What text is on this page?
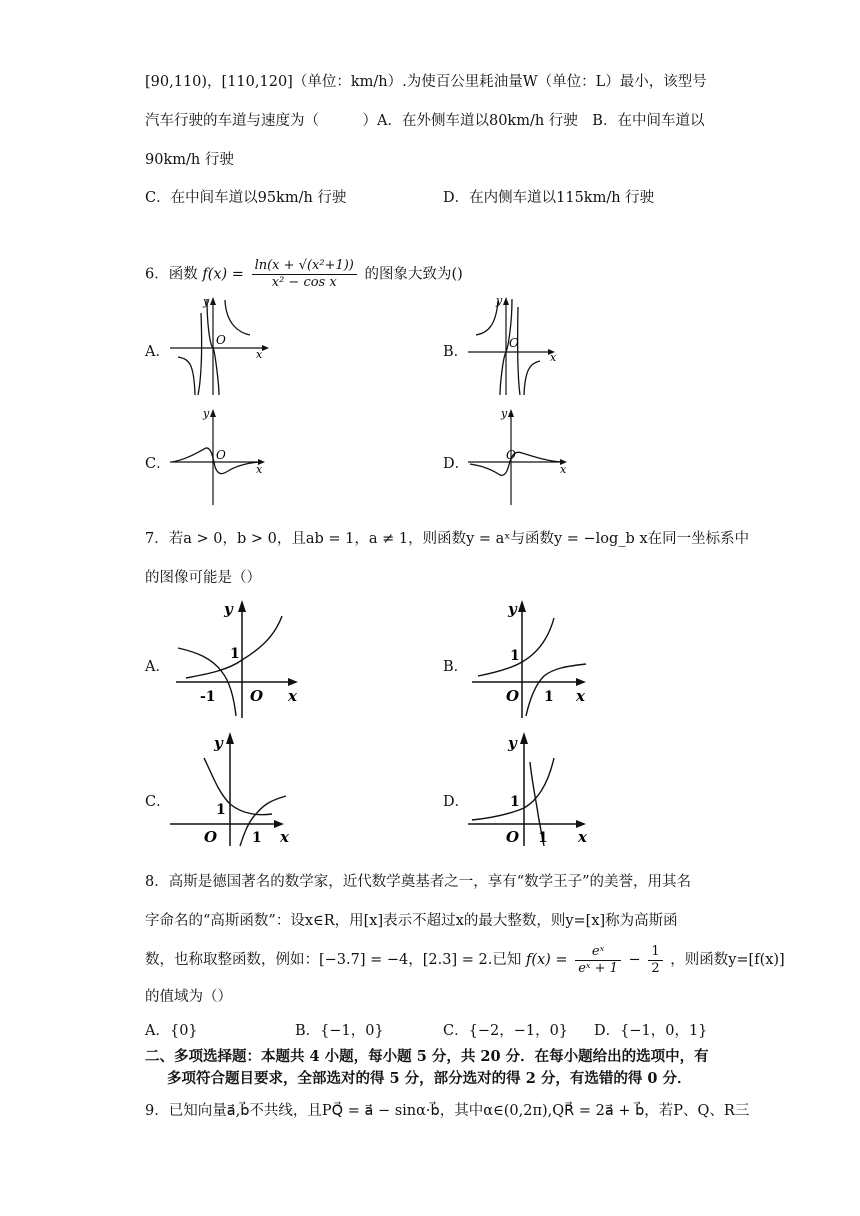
[90,110)，[110,120]（单位：km/h）.为使百公里耗油量W（单位：L）最小，该型号
汽车行驶的车道与速度为（　　　）A．在外侧车道以80km/h 行驶　B．在中间车道以
90km/h 行驶
C．在中间车道以95km/h 行驶	D．在内侧车道以115km/h 行驶
6．函数 $f(x) = \frac{\text{ln(x + √(x²+1))}}{\text{x² − cos x}}$ 的图象大致为()
A．
y
O
x	B．
y
O
x
C．
y
O
x	D．
y
O
x
7．若a > 0，b > 0，且ab = 1，a ≠ 1，则函数y = aˣ与函数y = −log_b x在同一坐标系中
的图像可能是（）
A．
y
1
-1 O x
B．
y
1
O 1 x
C．
y
1
O 1 x
D．
y
1
O 1 x
8．高斯是德国著名的数学家，近代数学奠基者之一，享有“数学王子”的美誉，用其名
字命名的“高斯函数”：设x∈R，用[x]表示不超过x的最大整数，则y=[x]称为高斯函
数，也称取整函数，例如：[−3.7] = −4，[2.3] = 2.已知 $f(x) = \frac{\text{eˣ}}{\text{eˣ + 1}} - \frac{1}{2}$ ，则函数y=[f(x)]
的值域为（）
A．{0}	B．{−1，0}	C．{−2，−1，0} D．{−1，0，1}
二、多项选择题：本题共 4 小题，每小题 5 分，共 20 分．在每小题给出的选项中，有
多项符合题目要求，全部选对的得 5 分，部分选对的得 2 分，有选错的得 0 分．
9．已知向量a⃗,b⃗不共线，且PQ⃗ = a⃗ − sinα·b⃗，其中α∈(0,2π),QR⃗ = 2a⃗ + b⃗，若P、Q、R三
